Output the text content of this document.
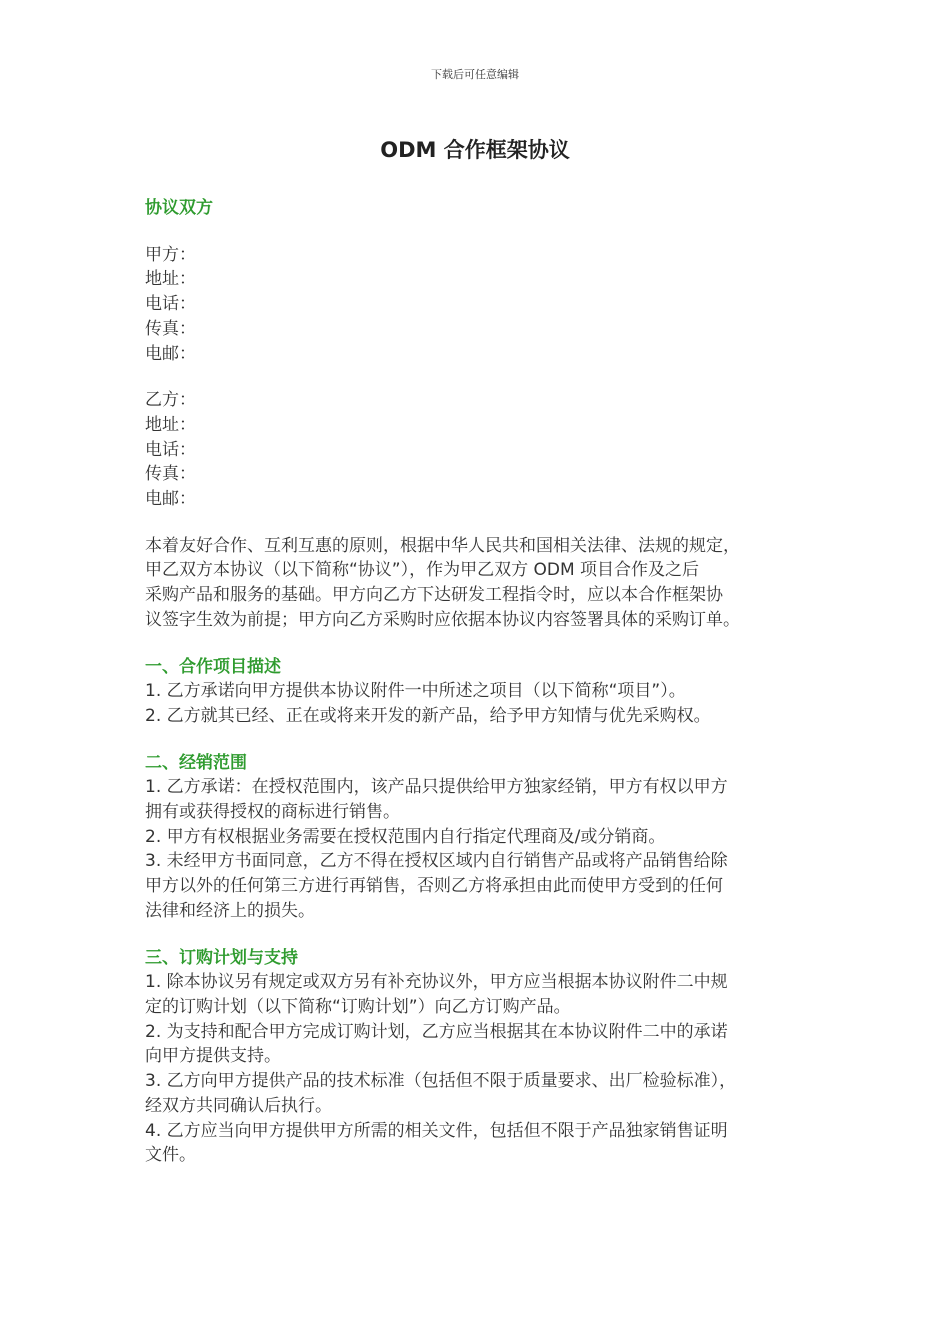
下载后可任意编辑
ODM 合作框架协议
协议双方
甲方：
地址：
电话：
传真：
电邮：
乙方：
地址：
电话：
传真：
电邮：
本着友好合作、互利互惠的原则，根据中华人民共和国相关法律、法规的规定，
甲乙双方本协议（以下简称“协议”），作为甲乙双方 ODM 项目合作及之后
采购产品和服务的基础。甲方向乙方下达研发工程指令时，应以本合作框架协
议签字生效为前提；甲方向乙方采购时应依据本协议内容签署具体的采购订单。
一、合作项目描述
1. 乙方承诺向甲方提供本协议附件一中所述之项目（以下简称“项目”）。
2. 乙方就其已经、正在或将来开发的新产品，给予甲方知情与优先采购权。
二、经销范围
1. 乙方承诺：在授权范围内，该产品只提供给甲方独家经销，甲方有权以甲方
拥有或获得授权的商标进行销售。
2. 甲方有权根据业务需要在授权范围内自行指定代理商及/或分销商。
3. 未经甲方书面同意，乙方不得在授权区域内自行销售产品或将产品销售给除
甲方以外的任何第三方进行再销售，否则乙方将承担由此而使甲方受到的任何
法律和经济上的损失。
三、订购计划与支持
1. 除本协议另有规定或双方另有补充协议外，甲方应当根据本协议附件二中规
定的订购计划（以下简称“订购计划”）向乙方订购产品。
2. 为支持和配合甲方完成订购计划，乙方应当根据其在本协议附件二中的承诺
向甲方提供支持。
3. 乙方向甲方提供产品的技术标准（包括但不限于质量要求、出厂检验标准），
经双方共同确认后执行。
4. 乙方应当向甲方提供甲方所需的相关文件，包括但不限于产品独家销售证明
文件。
